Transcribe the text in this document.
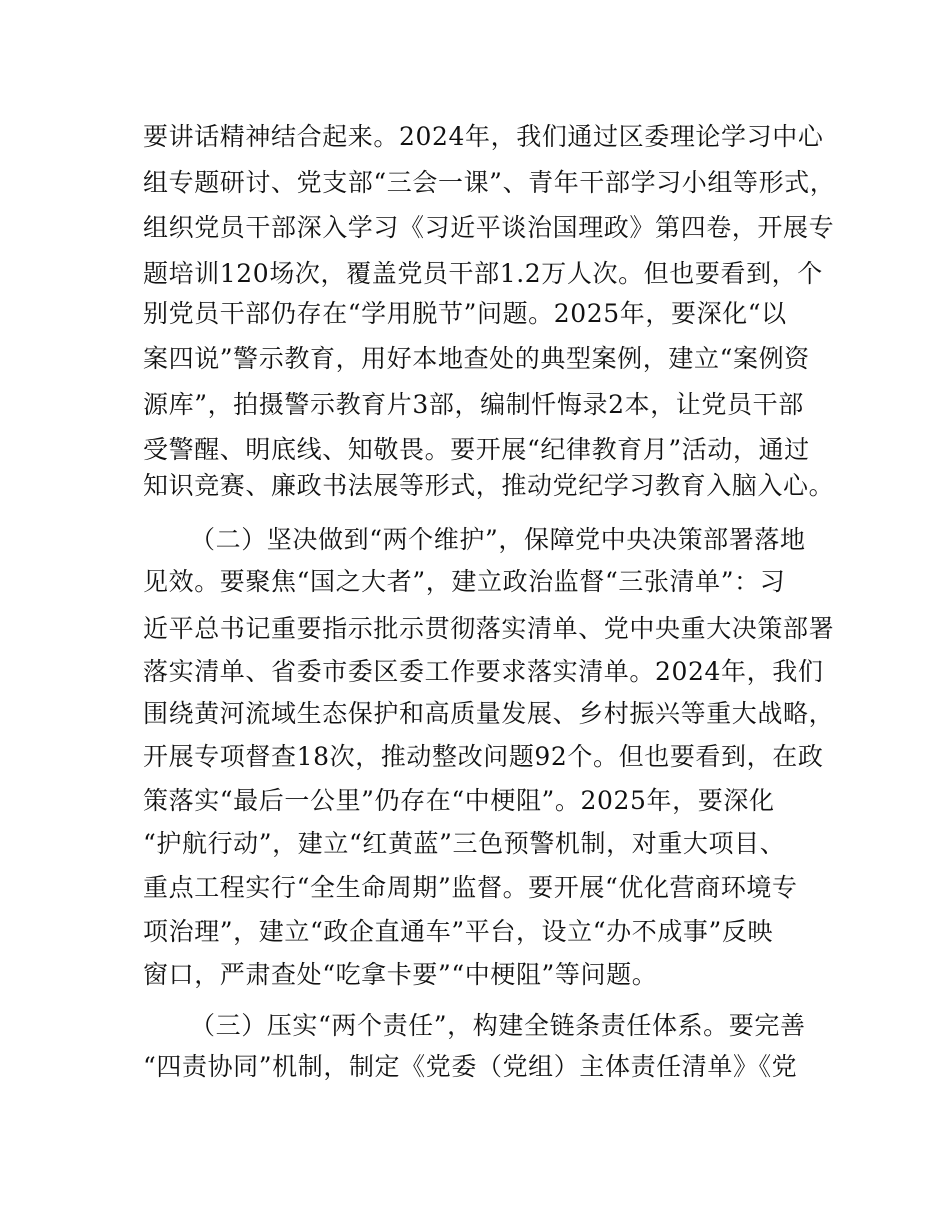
要讲话精神结合起来。2024年，我们通过区委理论学习中心
组专题研讨、党支部“三会一课”、青年干部学习小组等形式，
组织党员干部深入学习《习近平谈治国理政》第四卷，开展专
题培训120场次，覆盖党员干部1.2万人次。但也要看到，个
别党员干部仍存在“学用脱节”问题。2025年，要深化“以
案四说”警示教育，用好本地查处的典型案例，建立“案例资
源库”，拍摄警示教育片3部，编制忏悔录2本，让党员干部
受警醒、明底线、知敬畏。要开展“纪律教育月”活动，通过
知识竞赛、廉政书法展等形式，推动党纪学习教育入脑入心。
（二）坚决做到“两个维护”，保障党中央决策部署落地
见效。要聚焦“国之大者”，建立政治监督“三张清单”：习
近平总书记重要指示批示贯彻落实清单、党中央重大决策部署
落实清单、省委市委区委工作要求落实清单。2024年，我们
围绕黄河流域生态保护和高质量发展、乡村振兴等重大战略，
开展专项督查18次，推动整改问题92个。但也要看到，在政
策落实“最后一公里”仍存在“中梗阻”。2025年，要深化
“护航行动”，建立“红黄蓝”三色预警机制，对重大项目、
重点工程实行“全生命周期”监督。要开展“优化营商环境专
项治理”，建立“政企直通车”平台，设立“办不成事”反映
窗口，严肃查处“吃拿卡要”“中梗阻”等问题。
（三）压实“两个责任”，构建全链条责任体系。要完善
“四责协同”机制，制定《党委（党组）主体责任清单》《党
